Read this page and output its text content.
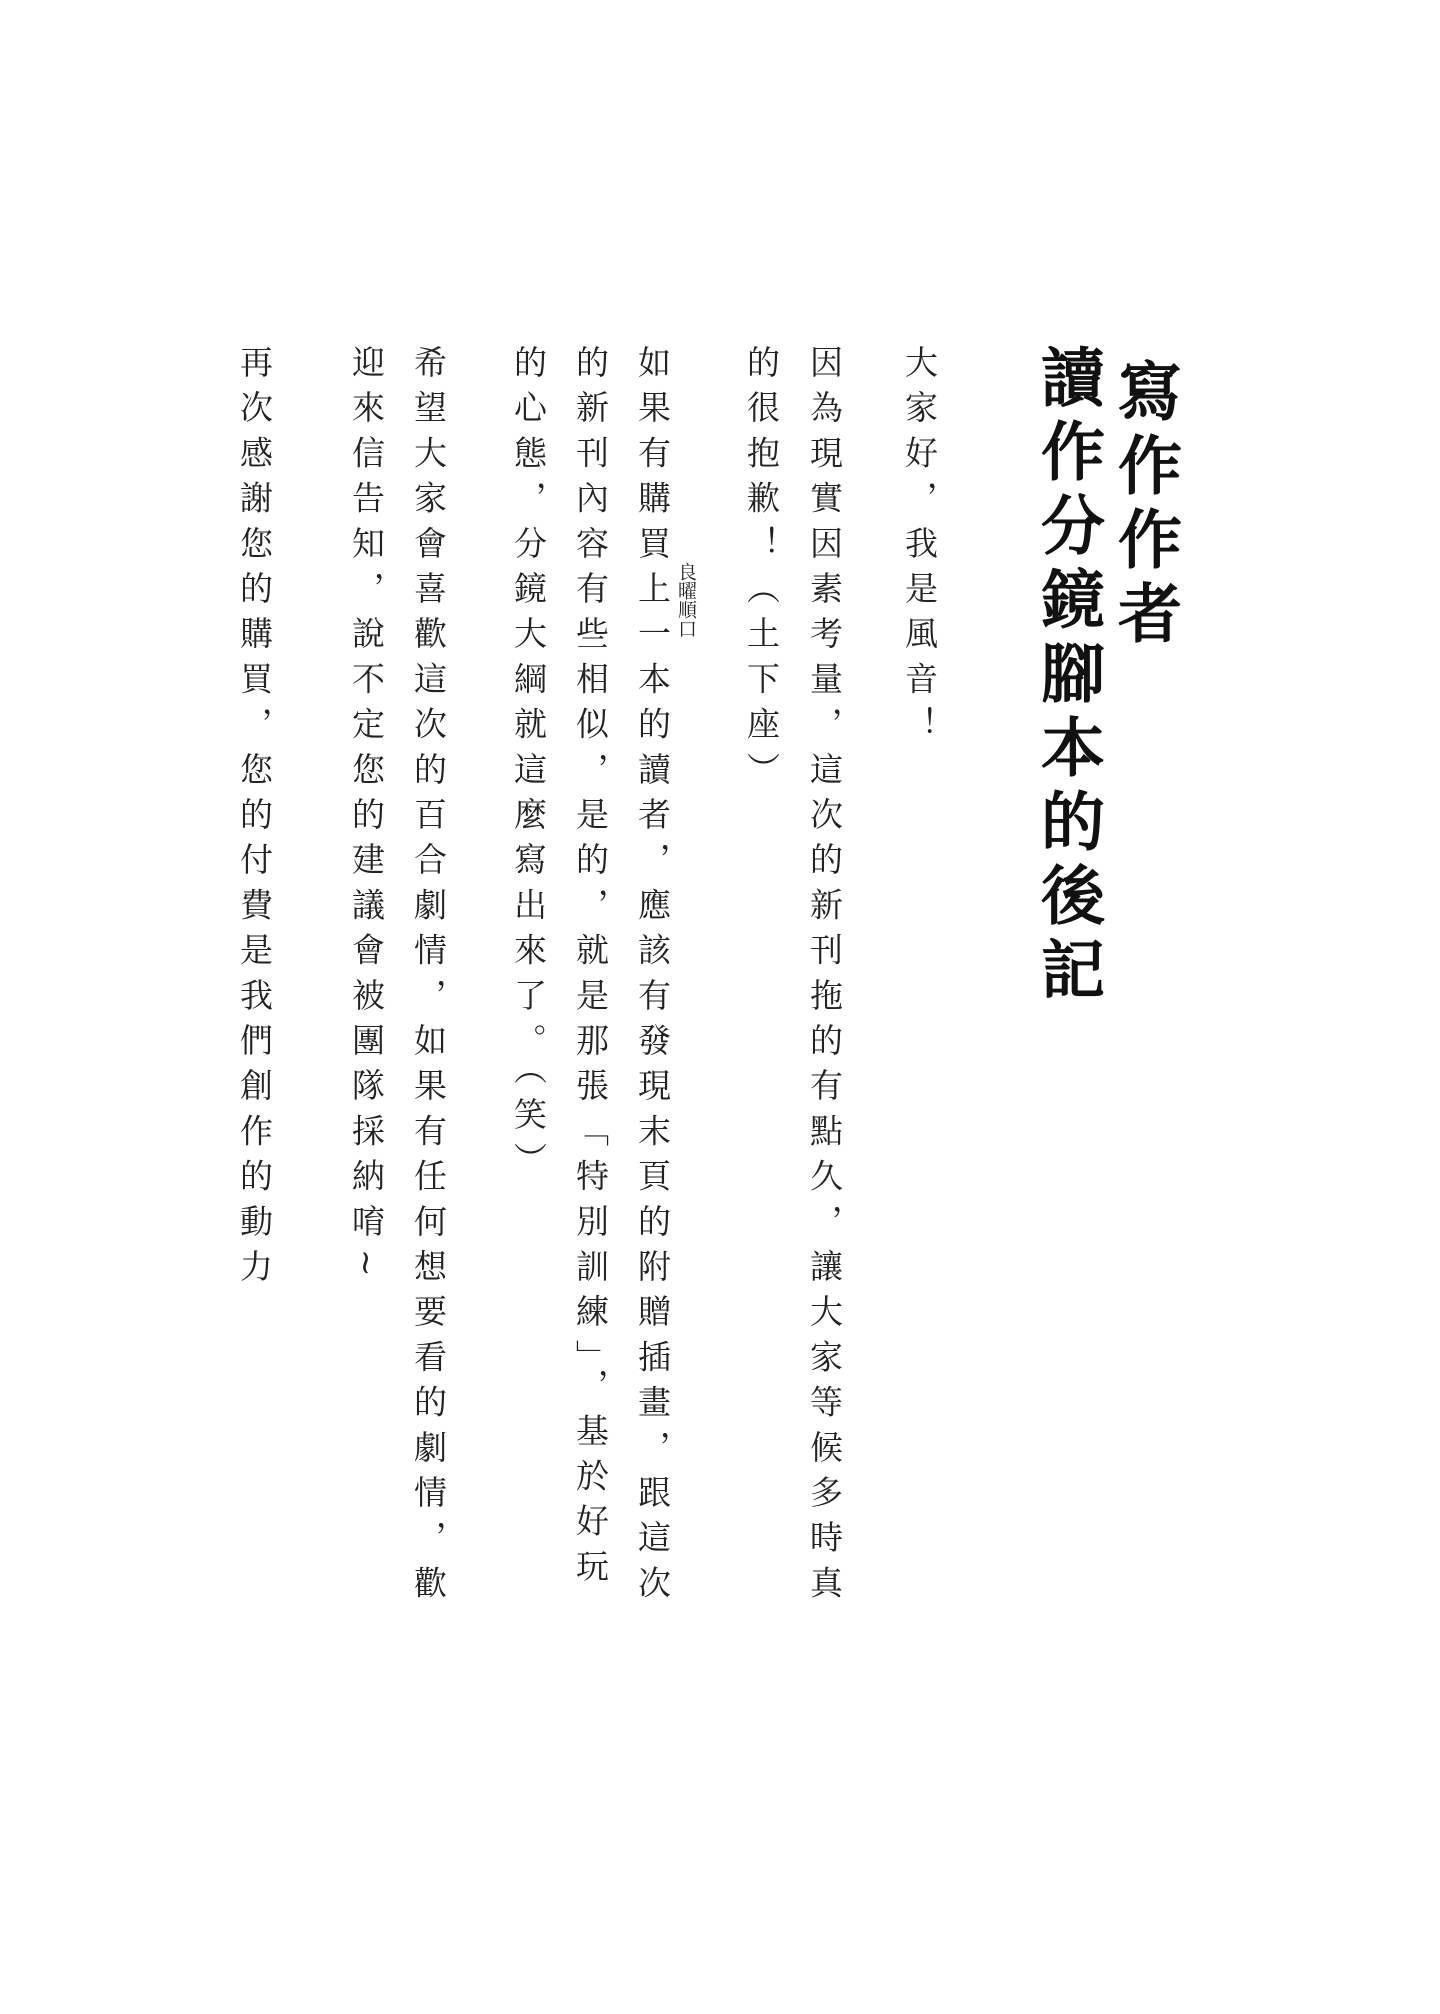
寫作作者
讀作分鏡腳本的後記
大家好，我是風音！
因為現實因素考量，這次的新刊拖的有點久，讓大家等候多時真
的很抱歉！（土下座）
如果有購買上一本的讀者，應該有發現末頁的附贈插畫，跟這次 良曜順口
的新刊內容有些相似，是的，就是那張「特別訓練」，基於好玩
的心態，分鏡大綱就這麼寫出來了。（笑）
希望大家會喜歡這次的百合劇情，如果有任何想要看的劇情，歡
迎來信告知，說不定您的建議會被團隊採納唷~
再次感謝您的購買，您的付費是我們創作的動力
